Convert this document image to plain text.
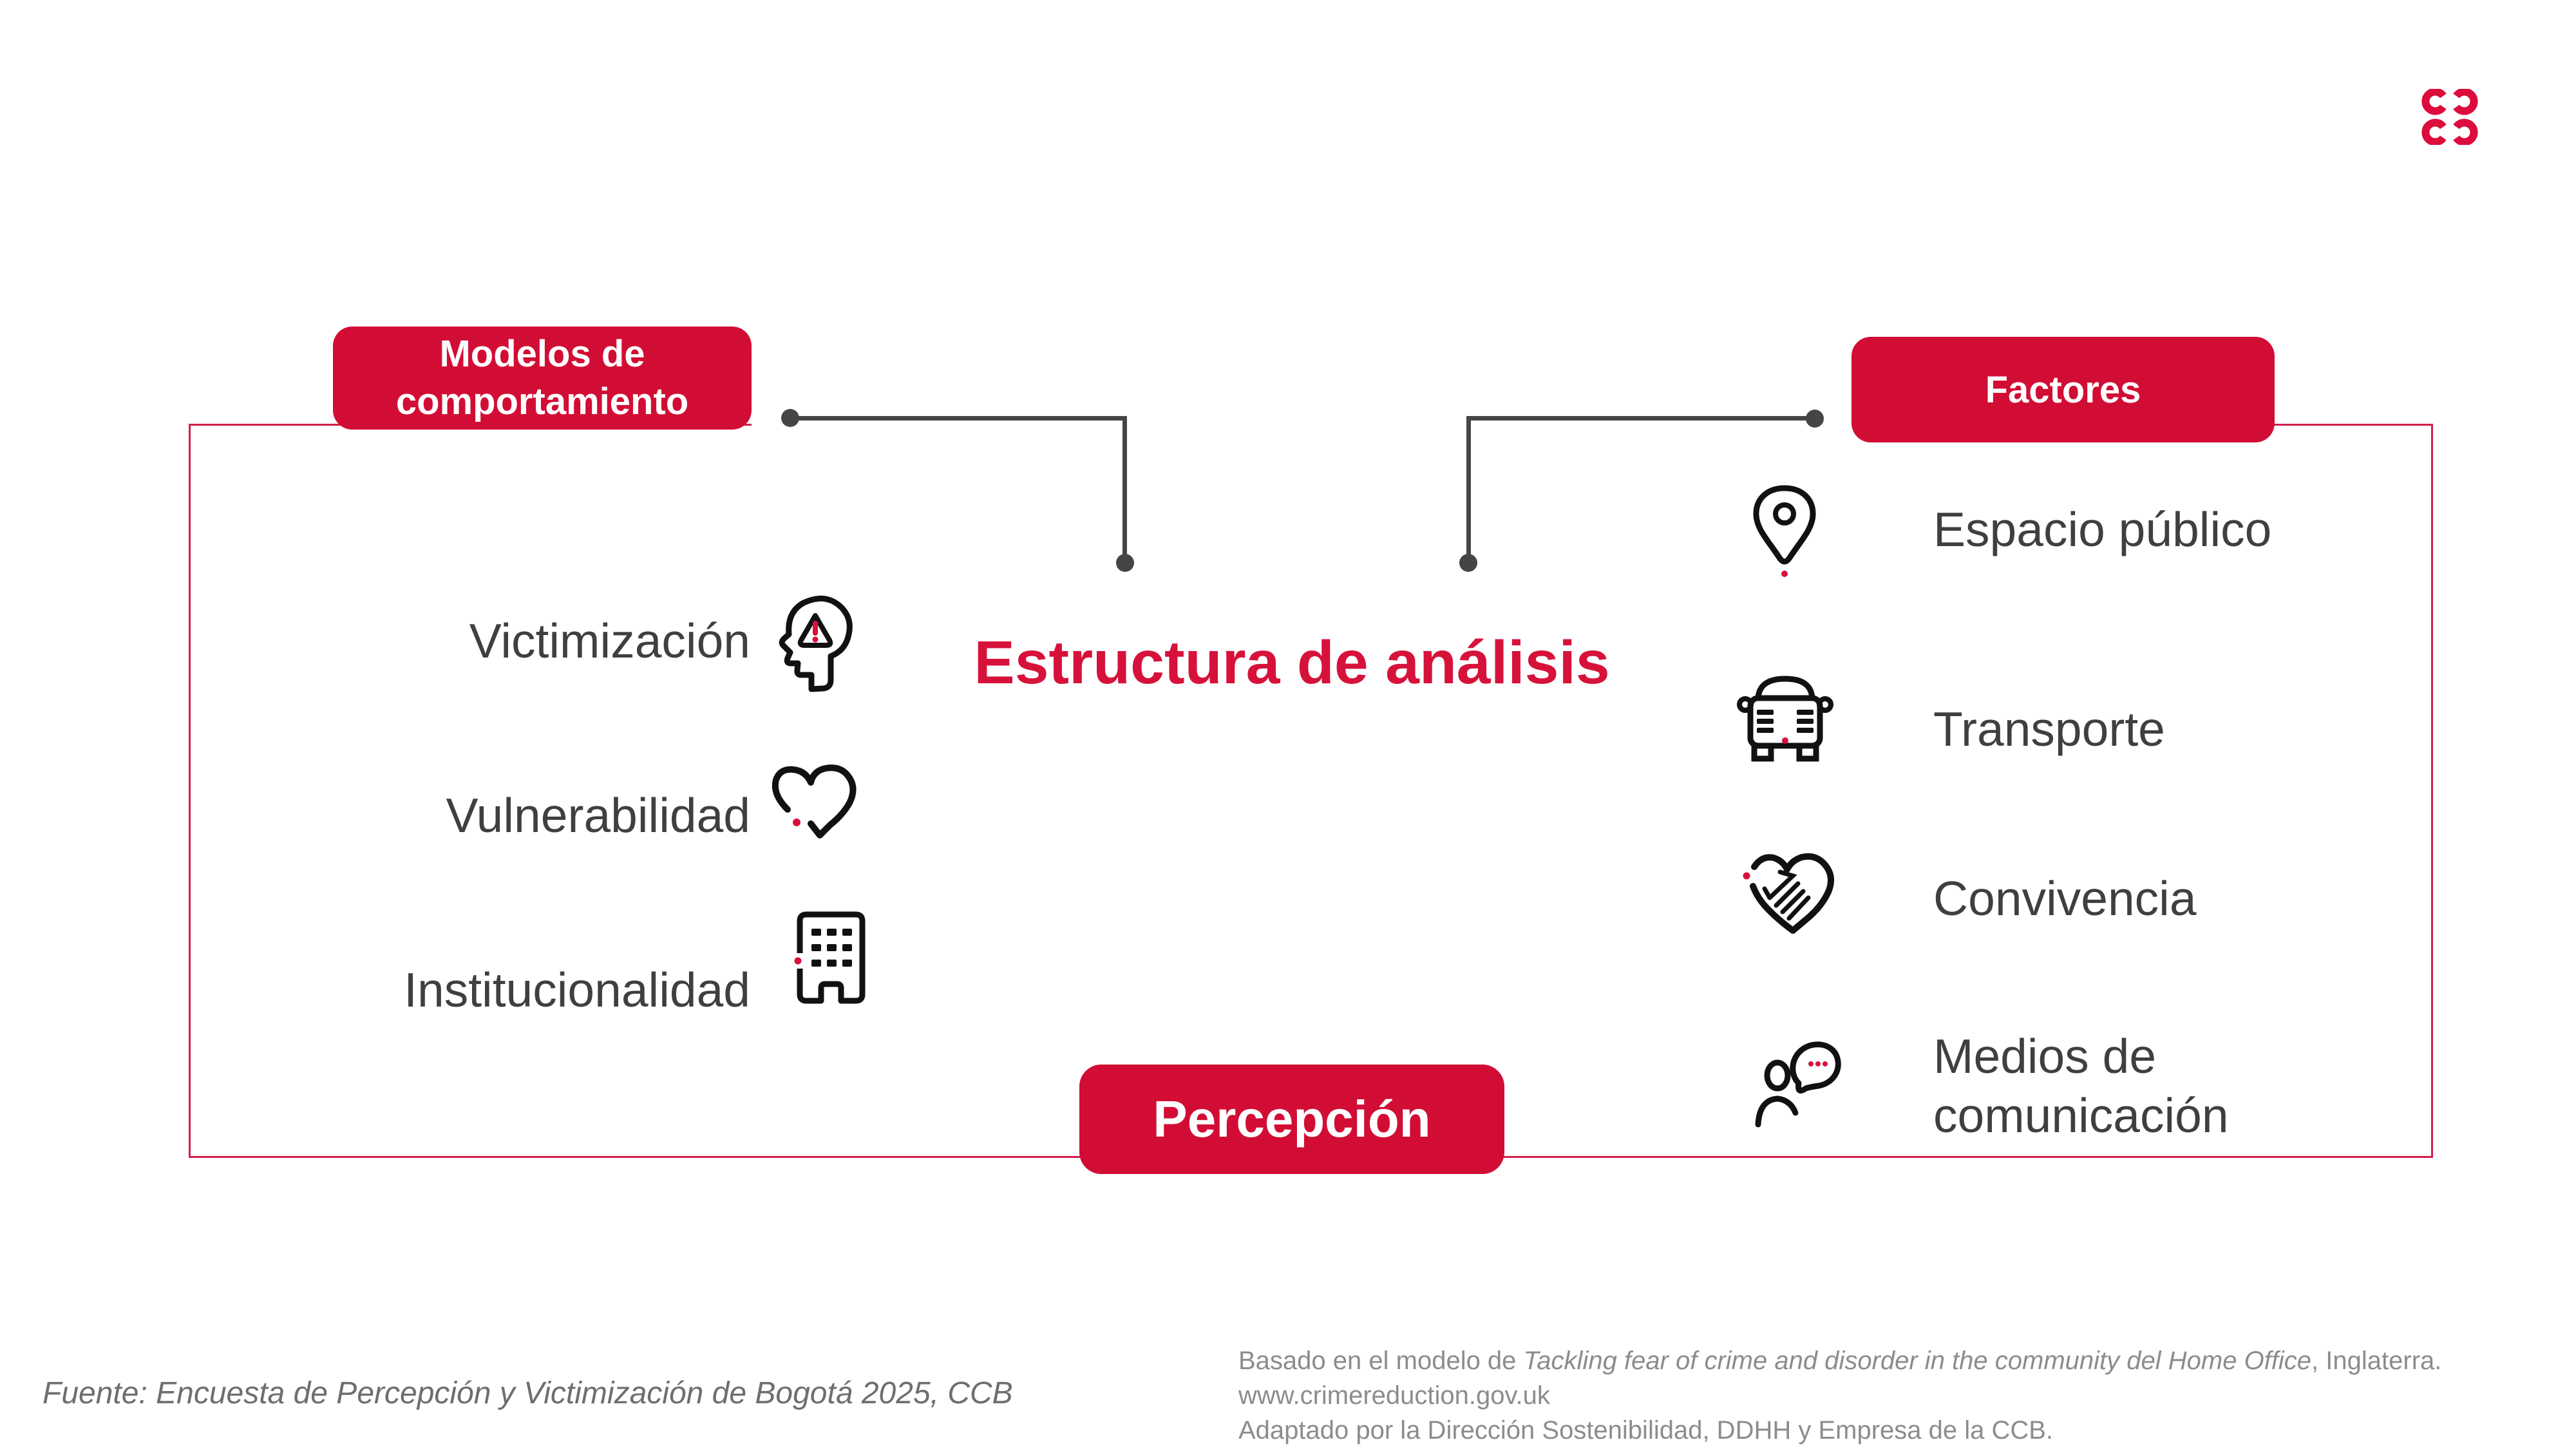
Modelos de
comportamiento	Factores
Percepción
Estructura de análisis
Victimización
Vulnerabilidad
Institucionalidad
Espacio público
Transporte
Convivencia
Medios de comunicación
Fuente: Encuesta de Percepción y Victimización de Bogotá 2025, CCB
Basado en el modelo de Tackling fear of crime and disorder in the community del Home Office, Inglaterra.
www.crimereduction.gov.uk
Adaptado por la Dirección Sostenibilidad, DDHH y Empresa de la CCB.
